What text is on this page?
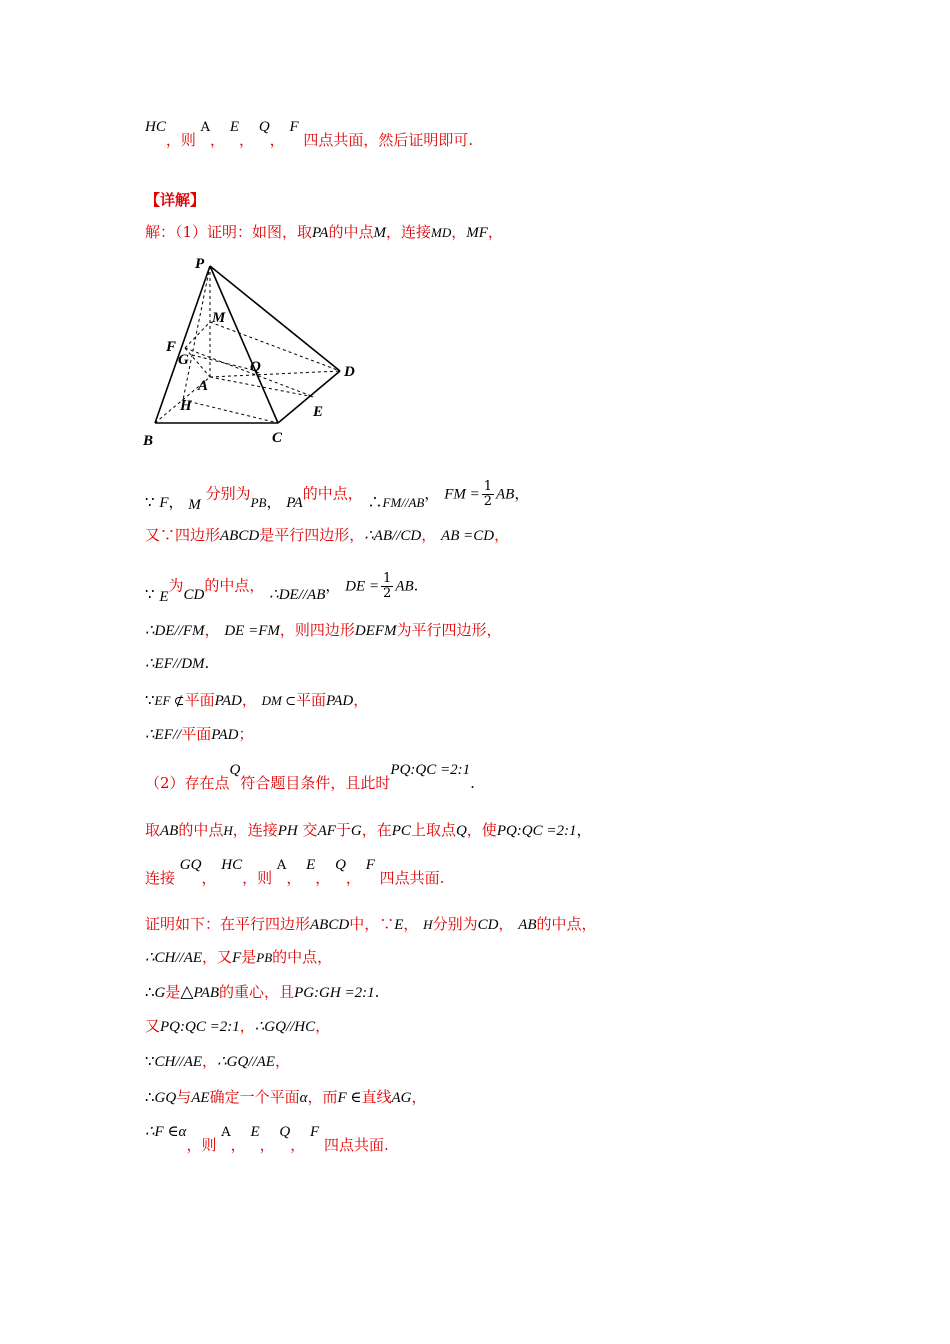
HC，则 A， E， Q， F 四点共面，然后证明即可.
【详解】
解：（1）证明：如图，取PA的中点M，连接MD，MF，
P
M
F
G	Q	D
A
H	E
B	C
∵ F， M 分别为PB， PA的中点， ∴FM//AB， FM = $\frac{1}{2}$ AB，
又∵四边形ABCD是平行四边形，∴AB//CD， AB =CD，
∵ E为CD的中点， ∴DE//AB， DE = $\frac{1}{2}$ AB.
∴DE//FM， DE =FM，则四边形DEFM为平行四边形，
∴EF//DM.
∵EF ⊄平面PAD， DM ⊂平面PAD，
∴EF//平面PAD；
（2）存在点Q符合题目条件，且此时PQ:QC =2:1.
取AB的中点H，连接PH 交AF于G，在PC上取点Q，使PQ:QC =2:1，
连接 GQ， HC，则 A， E， Q， F 四点共面.
证明如下：在平行四边形ABCD中，∵E， H分别为CD， AB的中点，
∴CH//AE，又F是PB的中点，
∴G是△PAB的重心，且PG:GH =2:1.
又PQ:QC =2:1，∴GQ//HC，
∵CH//AE，∴GQ//AE，
∴GQ与AE确定一个平面α，而F ∈直线AG，
∴F ∈α，则 A， E， Q， F 四点共面.
